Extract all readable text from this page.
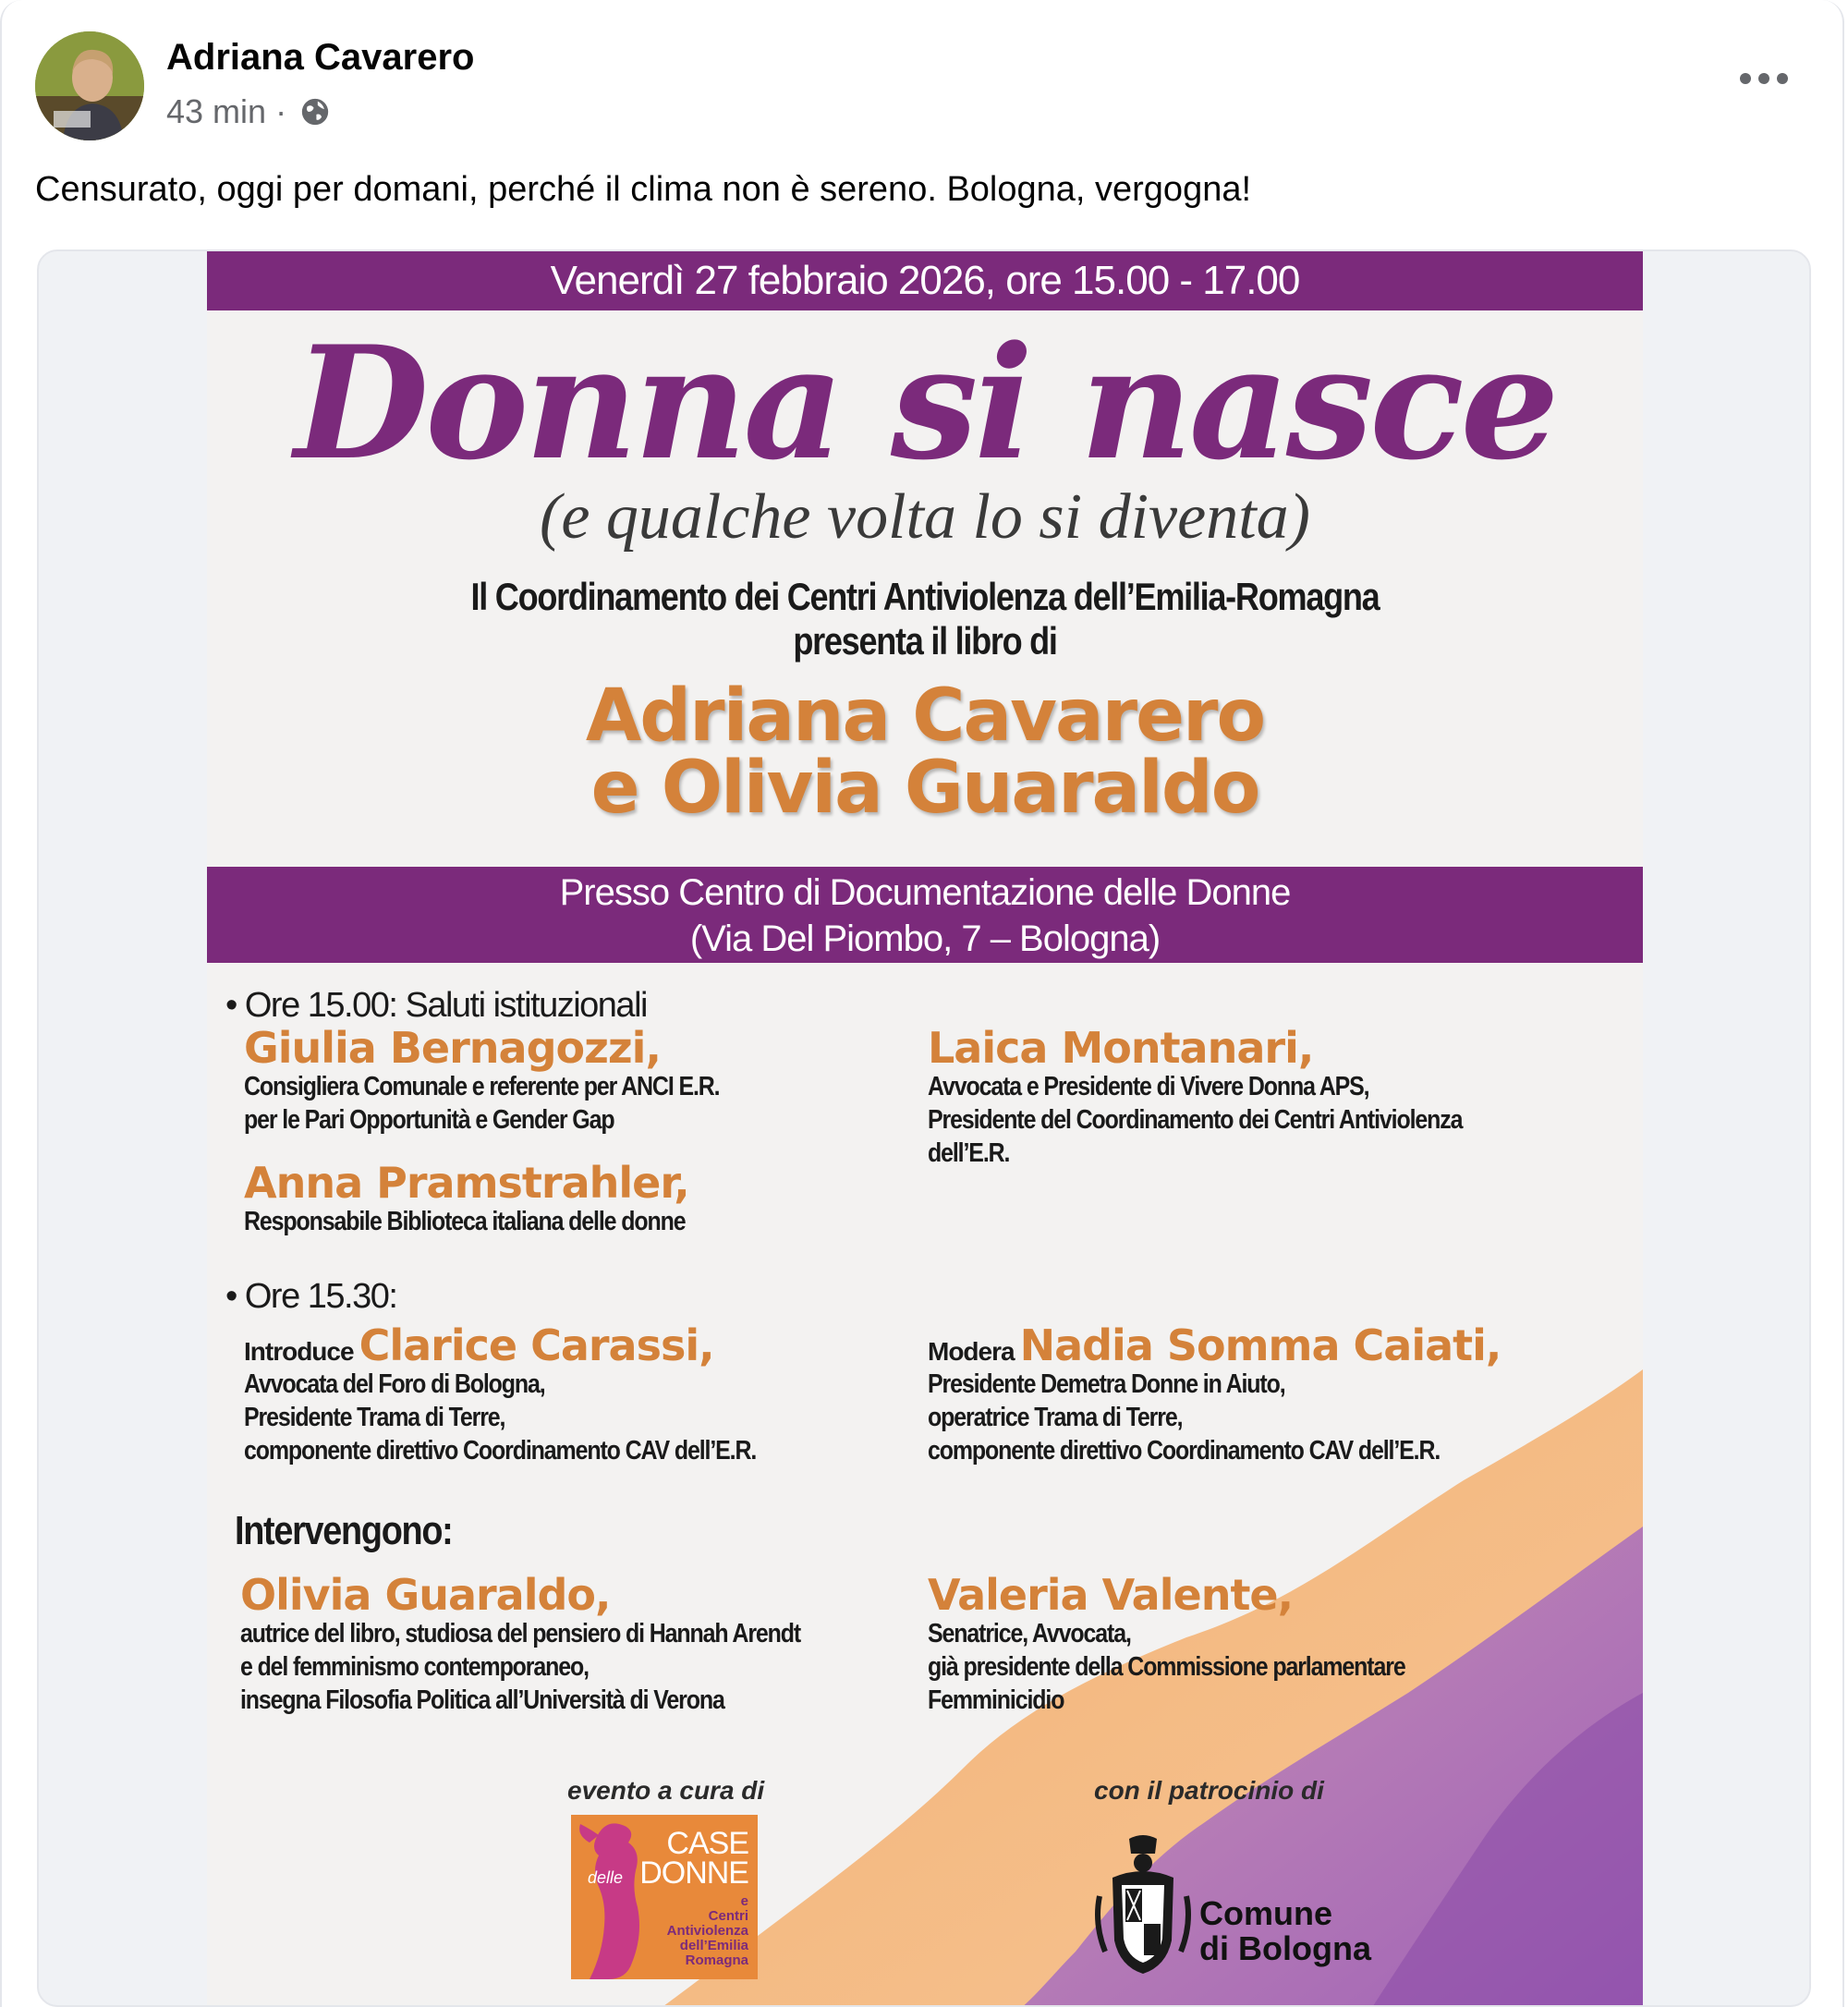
Adriana Cavarero
43 min ·
Censurato, oggi per domani, perché il clima non è sereno. Bologna, vergogna!
Venerdì 27 febbraio 2026, ore 15.00 - 17.00
Donna si nasce
(e qualche volta lo si diventa)
Il Coordinamento dei Centri Antiviolenza dell’Emilia-Romagna
presenta il libro di
Adriana Cavarero
e Olivia Guaraldo
Presso Centro di Documentazione delle Donne
(Via Del Piombo, 7 – Bologna)
• Ore 15.00: Saluti istituzionali
Giulia Bernagozzi,
Consigliera Comunale e referente per ANCI E.R.
per le Pari Opportunità e Gender Gap
Laica Montanari,
Avvocata e Presidente di Vivere Donna APS,
Presidente del Coordinamento dei Centri Antiviolenza dell’E.R.
Anna Pramstrahler,
Responsabile Biblioteca italiana delle donne
• Ore 15.30:
Introduce Clarice Carassi,
Avvocata del Foro di Bologna,
Presidente Trama di Terre,
componente direttivo Coordinamento CAV dell’E.R.
Modera Nadia Somma Caiati,
Presidente Demetra Donne in Aiuto,
operatrice Trama di Terre,
componente direttivo Coordinamento CAV dell’E.R.
Intervengono:
Olivia Guaraldo,
autrice del libro, studiosa del pensiero di Hannah Arendt
e del femminismo contemporaneo,
insegna Filosofia Politica all’Università di Verona
Valeria Valente,
Senatrice, Avvocata,
già presidente della Commissione parlamentare Femminicidio
evento a cura di	con il patrocinio di
CASE
delle DONNE
e
Centri
Antiviolenza
dell’Emilia
Romagna
Comune
di Bologna
